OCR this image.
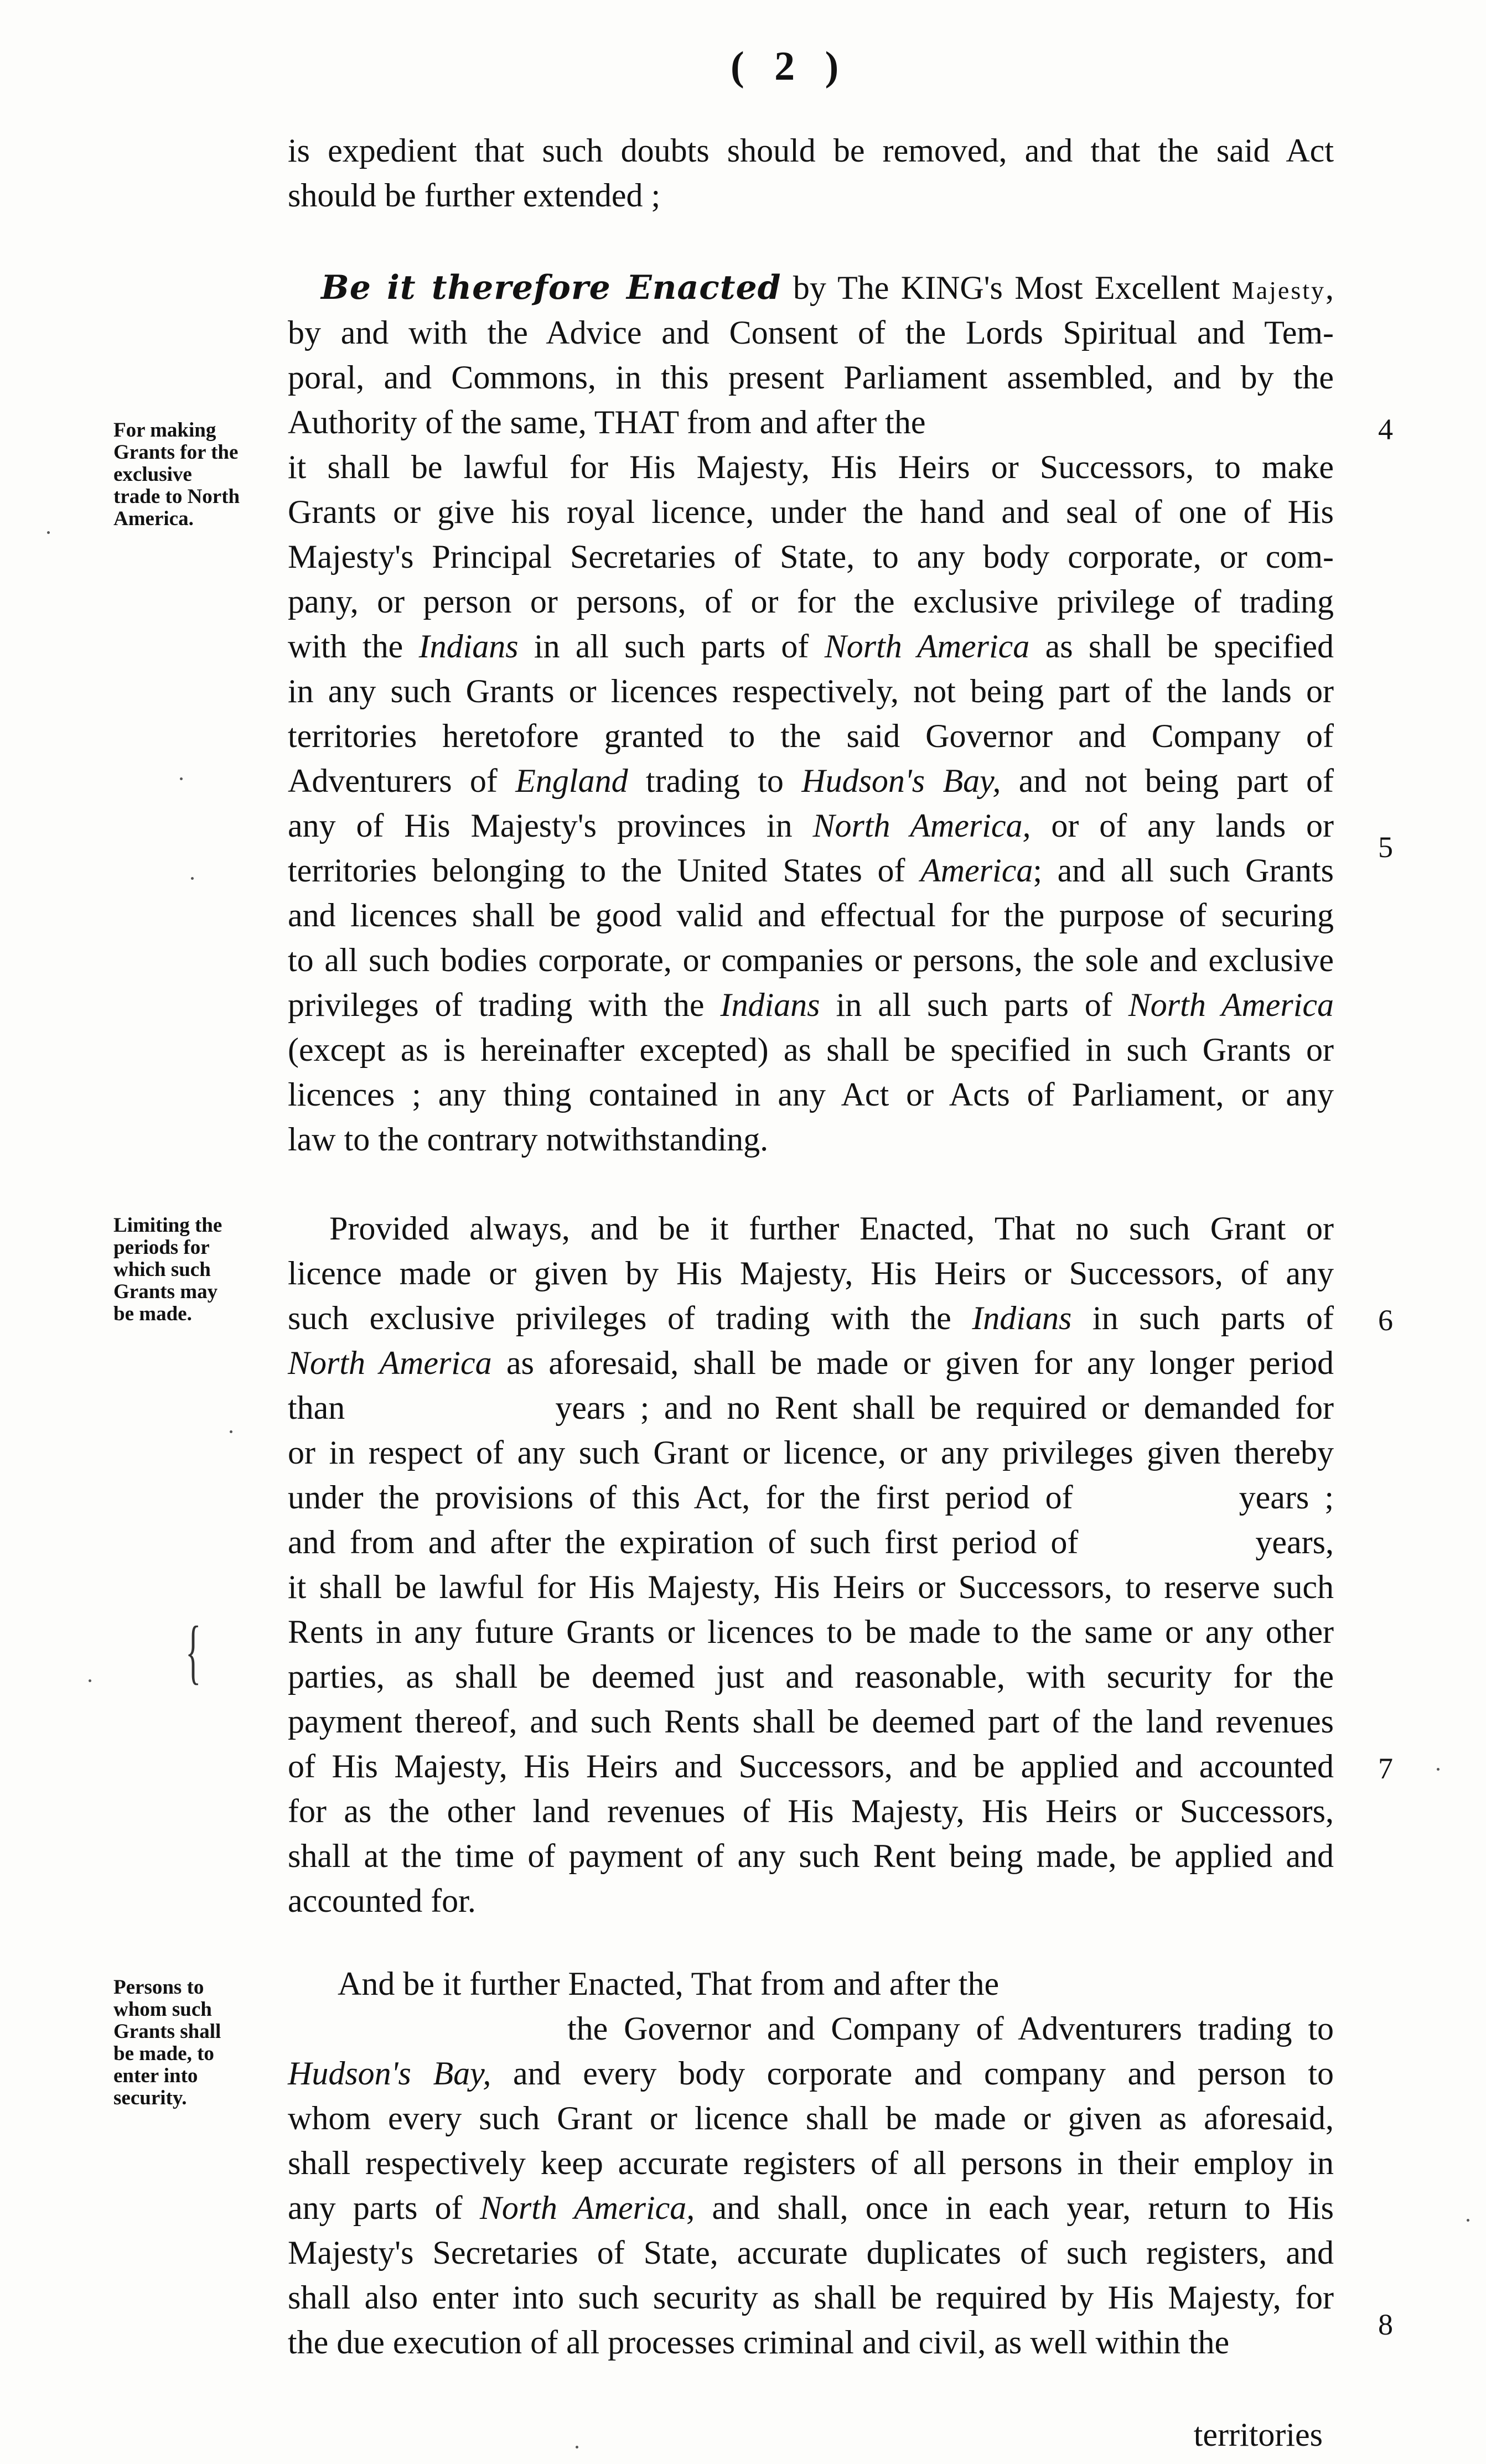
( 2 )
is expedient that such doubts should be removed, and that the said Act
should be further extended ;
Be it therefore Enacted by The KING's Most Excellent Majesty,
by and with the Advice and Consent of the Lords Spiritual and Tem-
poral, and Commons, in this present Parliament assembled, and by the
Authority of the same, THAT from and after the
it shall be lawful for His Majesty, His Heirs or Successors, to make
Grants or give his royal licence, under the hand and seal of one of His
Majesty's Principal Secretaries of State, to any body corporate, or com-
pany, or person or persons, of or for the exclusive privilege of trading
with the Indians in all such parts of North America as shall be specified
in any such Grants or licences respectively, not being part of the lands or
territories heretofore granted to the said Governor and Company of
Adventurers of England trading to Hudson's Bay, and not being part of
any of His Majesty's provinces in North America, or of any lands or
territories belonging to the United States of America; and all such Grants
and licences shall be good valid and effectual for the purpose of securing
to all such bodies corporate, or companies or persons, the sole and exclusive
privileges of trading with the Indians in all such parts of North America
(except as is hereinafter excepted) as shall be specified in such Grants or
licences ; any thing contained in any Act or Acts of Parliament, or any
law to the contrary notwithstanding.
Provided always, and be it further Enacted, That no such Grant or
licence made or given by His Majesty, His Heirs or Successors, of any
such exclusive privileges of trading with the Indians in such parts of
North America as aforesaid, shall be made or given for any longer period
than	years ; and no Rent shall be required or demanded for
or in respect of any such Grant or licence, or any privileges given thereby
under the provisions of this Act, for the first period of	years ;
and from and after the expiration of such first period of	years,
it shall be lawful for His Majesty, His Heirs or Successors, to reserve such
Rents in any future Grants or licences to be made to the same or any other
parties, as shall be deemed just and reasonable, with security for the
payment thereof, and such Rents shall be deemed part of the land revenues
of His Majesty, His Heirs and Successors, and be applied and accounted
for as the other land revenues of His Majesty, His Heirs or Successors,
shall at the time of payment of any such Rent being made, be applied and
accounted for.
And be it further Enacted, That from and after the
the Governor and Company of Adventurers trading to
Hudson's Bay, and every body corporate and company and person to
whom every such Grant or licence shall be made or given as aforesaid,
shall respectively keep accurate registers of all persons in their employ in
any parts of North America, and shall, once in each year, return to His
Majesty's Secretaries of State, accurate duplicates of such registers, and
shall also enter into such security as shall be required by His Majesty, for
the due execution of all processes criminal and civil, as well within the
territories
For making
Grants for the
exclusive
trade to North
America.
Limiting the
periods for
which such
Grants may
be made.
Persons to
whom such
Grants shall
be made, to
enter into
security.
4
5
6
7
8
{
